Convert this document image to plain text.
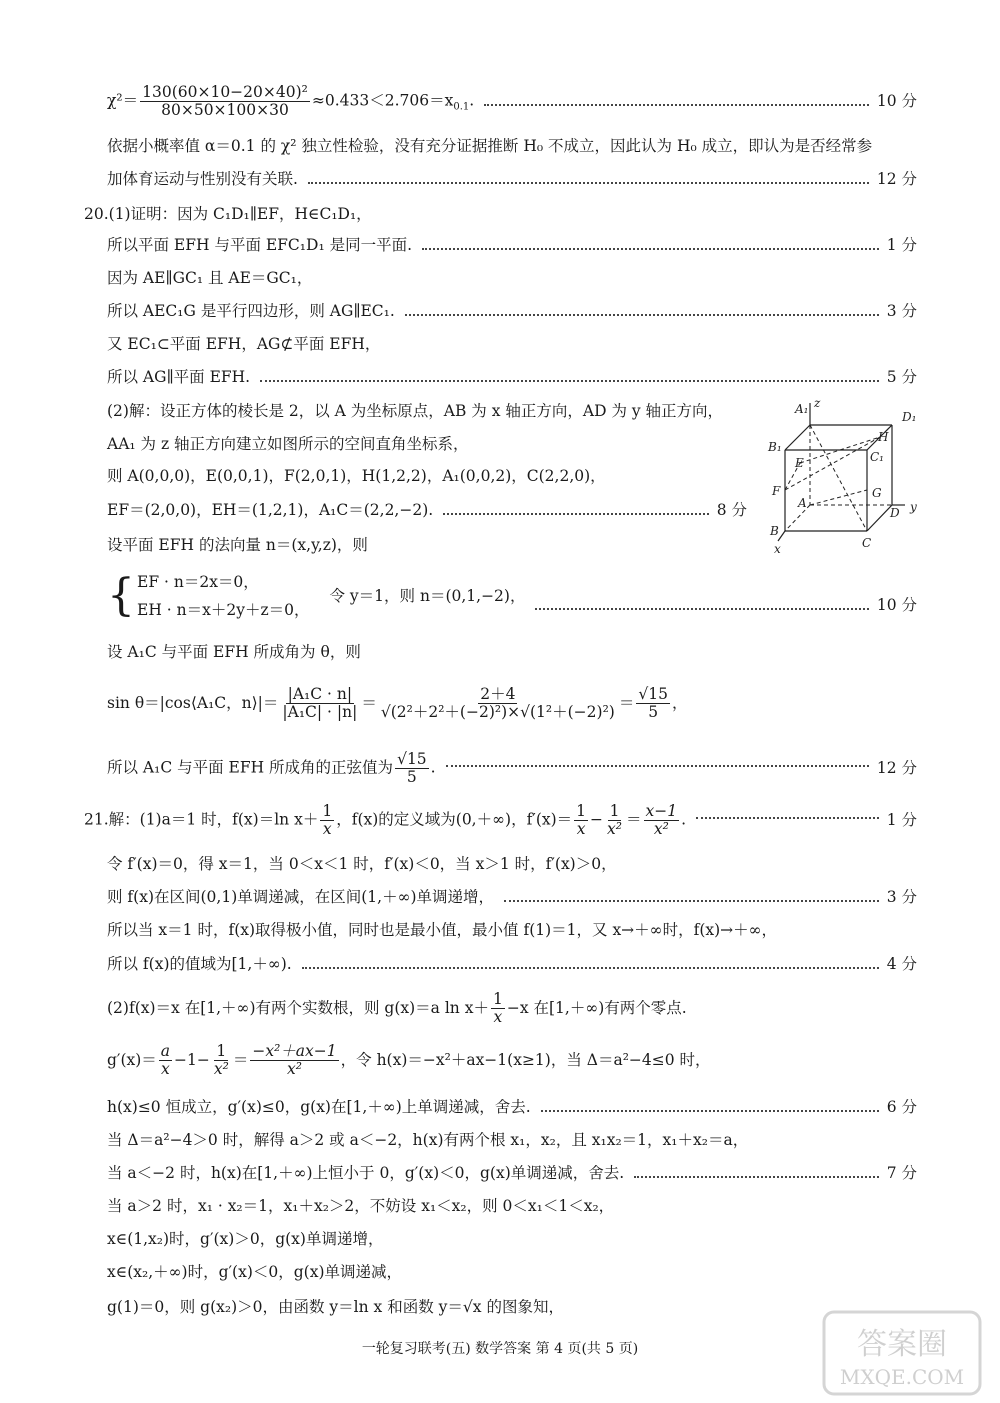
$\chi^2= \frac{\text{130(60×10−20×40)²}}{80\times 50\times 100\times 30} \approx 0.433<2.706=x_{0.1}$.	10 分
依据小概率值 α＝0.1 的 χ² 独立性检验，没有充分证据推断 H₀ 不成立，因此认为 H₀ 成立，即认为是否经常参
加体育运动与性别没有关联.	12 分
20.(1)证明：因为 C₁D₁∥EF，H∈C₁D₁，
所以平面 EFH 与平面 EFC₁D₁ 是同一平面.	1 分
因为 AE∥GC₁ 且 AE＝GC₁，
所以 AEC₁G 是平行四边形，则 AG∥EC₁.	3 分
又 EC₁⊂平面 EFH，AG⊄平面 EFH，
所以 AG∥平面 EFH.	5 分
(2)解：设正方体的棱长是 2，以 A 为坐标原点，AB 为 x 轴正方向，AD 为 y 轴正方向，
AA₁ 为 z 轴正方向建立如图所示的空间直角坐标系，
则 A(0,0,0)，E(0,0,1)，F(2,0,1)，H(1,2,2)，A₁(0,0,2)，C(2,2,0)，
EF＝(2,0,0)，EH＝(1,2,1)，A₁C＝(2,2,−2).	8 分
设平面 EFH 的法向量 n＝(x,y,z)，则
A₁ z
D₁
B₁
H
C₁
E
F	G
A
B
D y
C
x
{ EF · n＝2x＝0，
EH · n＝x＋2y＋z＝0，
令 y＝1，则 n＝(0,1,−2)，	10 分
设 A₁C 与平面 EFH 所成角为 θ，则
sin θ＝|cos⟨A₁C，n⟩|＝ $\frac{\text{|A₁C · n|}}{\text{|A₁C| · |n|}} = \frac{2+4}{\text{√(2²＋2²＋(−2)²)×√(1²＋(−2)²)}} = \frac{√15}{5}$ ，
所以 A₁C 与平面 EFH 所成角的正弦值为 $\frac{√15}{5}$ .	12 分
21.解：(1)a＝1 时，f(x)＝ln $x+ \frac{1}{x}$ ，f(x)的定义域为(0,＋∞)，$f'(x)= \frac{1}{x} - \frac{1}{\text{x²}} = \frac{x-1}{\text{x²}}$ .	1 分
令 f′(x)＝0，得 x＝1，当 0＜x＜1 时，f′(x)＜0，当 x＞1 时，f′(x)＞0，
则 f(x)在区间(0,1)单调递减，在区间(1,＋∞)单调递增，	3 分
所以当 x＝1 时，f(x)取得极小值，同时也是最小值，最小值 f(1)＝1，又 x→＋∞时，f(x)→＋∞，
所以 f(x)的值域为[1,＋∞).	4 分
(2)f(x)＝x 在[1,＋∞)有两个实数根，则 g(x)＝a $\ln x+ \frac{1}{x} -x$ 在[1,＋∞)有两个零点.
$g'(x)= \frac{a}{x} -1- \frac{1}{\text{x²}} = \frac{\text{−x²＋ax−1}}{\text{x²}}$ ，令 h(x)＝−x²＋ax−1(x≥1)，当 Δ＝a²−4≤0 时，
h(x)≤0 恒成立，g′(x)≤0，g(x)在[1,＋∞)上单调递减，舍去.	6 分
当 Δ＝a²−4＞0 时，解得 a＞2 或 a＜−2，h(x)有两个根 x₁，x₂，且 x₁x₂＝1，x₁＋x₂＝a，
当 a＜−2 时，h(x)在[1,＋∞)上恒小于 0，g′(x)＜0，g(x)单调递减，舍去.	7 分
当 a＞2 时，x₁ · x₂＝1，x₁＋x₂＞2，不妨设 x₁＜x₂，则 0＜x₁＜1＜x₂，
x∈(1,x₂)时，g′(x)＞0，g(x)单调递增，
x∈(x₂,＋∞)时，g′(x)＜0，g(x)单调递减，
g(1)＝0，则 g(x₂)＞0，由函数 y＝ln x 和函数 y＝√x 的图象知，
一轮复习联考(五) 数学答案 第 4 页(共 5 页)	答案圈
MXQE.COM
